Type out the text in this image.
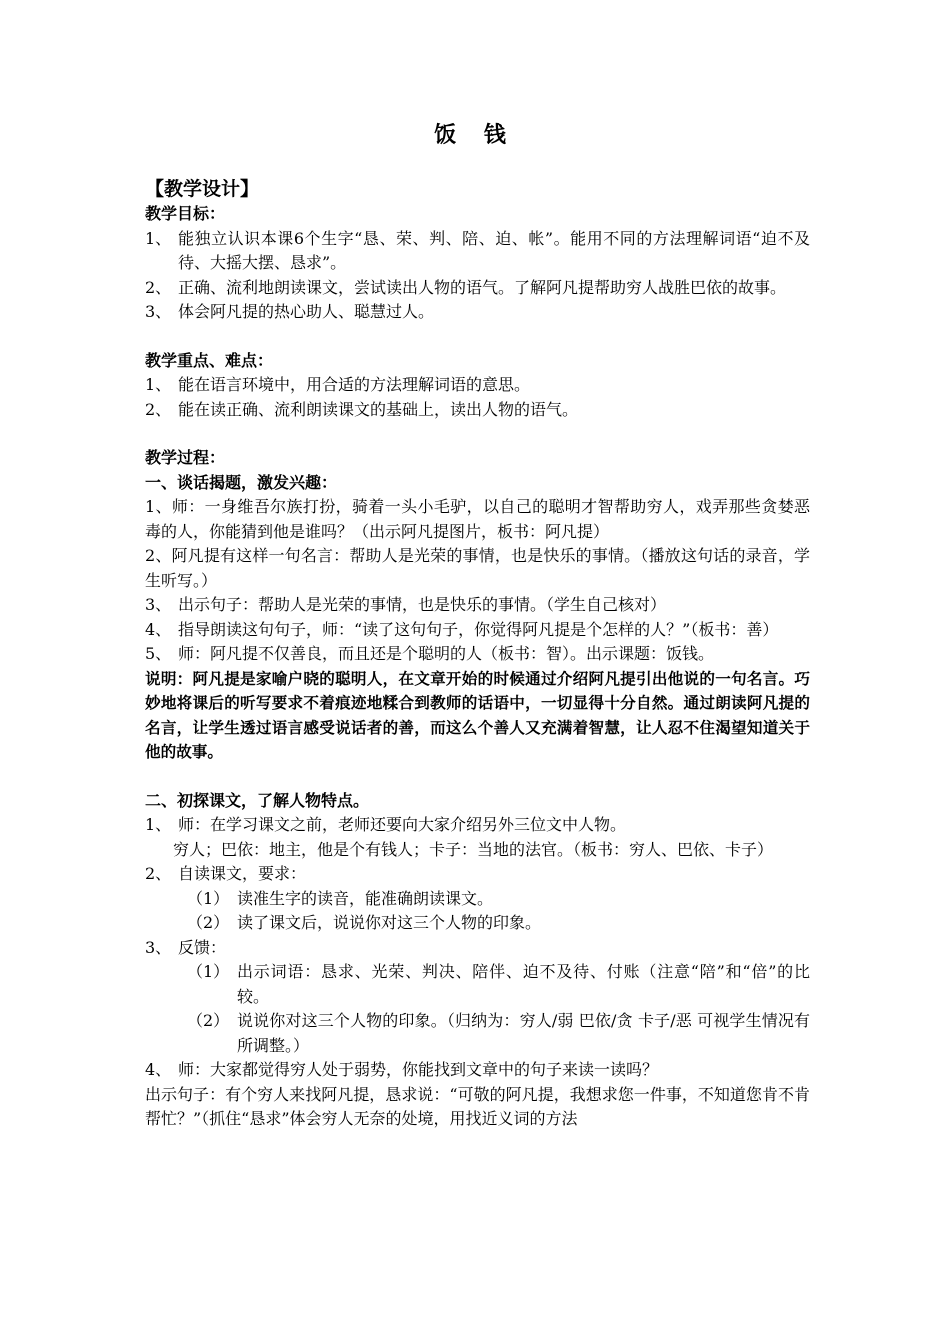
饭 钱
【教学设计】
教学目标：
1、 能独立认识本课6个生字“恳、荣、判、陪、迫、帐”。能用不同的方法理解词语“迫不及待、大摇大摆、恳求”。
2、 正确、流利地朗读课文，尝试读出人物的语气。了解阿凡提帮助穷人战胜巴依的故事。
3、 体会阿凡提的热心助人、聪慧过人。
教学重点、难点：
1、 能在语言环境中，用合适的方法理解词语的意思。
2、 能在读正确、流利朗读课文的基础上，读出人物的语气。
教学过程：
一、谈话揭题，激发兴趣：

1、师：一身维吾尔族打扮，骑着一头小毛驴，以自己的聪明才智帮助穷人，戏弄那些贪婪恶毒的人，你能猜到他是谁吗？（出示阿凡提图片，板书：阿凡提）

2、阿凡提有这样一句名言：帮助人是光荣的事情，也是快乐的事情。（播放这句话的录音，学生听写。）

3、 出示句子：帮助人是光荣的事情，也是快乐的事情。（学生自己核对）
4、 指导朗读这句句子，师：“读了这句句子，你觉得阿凡提是个怎样的人？”（板书：善）
5、 师：阿凡提不仅善良，而且还是个聪明的人（板书：智）。出示课题：饭钱。

说明：阿凡提是家喻户晓的聪明人，在文章开始的时候通过介绍阿凡提引出他说的一句名言。巧妙地将课后的听写要求不着痕迹地糅合到教师的话语中，一切显得十分自然。通过朗读阿凡提的名言，让学生透过语言感受说话者的善，而这么个善人又充满着智慧，让人忍不住渴望知道关于他的故事。

二、初探课文，了解人物特点。
1、 师：在学习课文之前，老师还要向大家介绍另外三位文中人物。
穷人；巴依：地主，他是个有钱人；卡子：当地的法官。（板书：穷人、巴依、卡子）
2、 自读课文，要求：
（1） 读准生字的读音，能准确朗读课文。
（2） 读了课文后，说说你对这三个人物的印象。
3、 反馈：
（1） 出示词语：恳求、光荣、判决、陪伴、迫不及待、付账（注意“陪”和“倍”的比较。
（2） 说说你对这三个人物的印象。（归纳为：穷人/弱 巴依/贪 卡子/恶 可视学生情况有所调整。）
4、 师：大家都觉得穷人处于弱势，你能找到文章中的句子来读一读吗？

出示句子：有个穷人来找阿凡提，恳求说：“可敬的阿凡提，我想求您一件事，不知道您肯不肯帮忙？”（抓住“恳求”体会穷人无奈的处境，用找近义词的方法
